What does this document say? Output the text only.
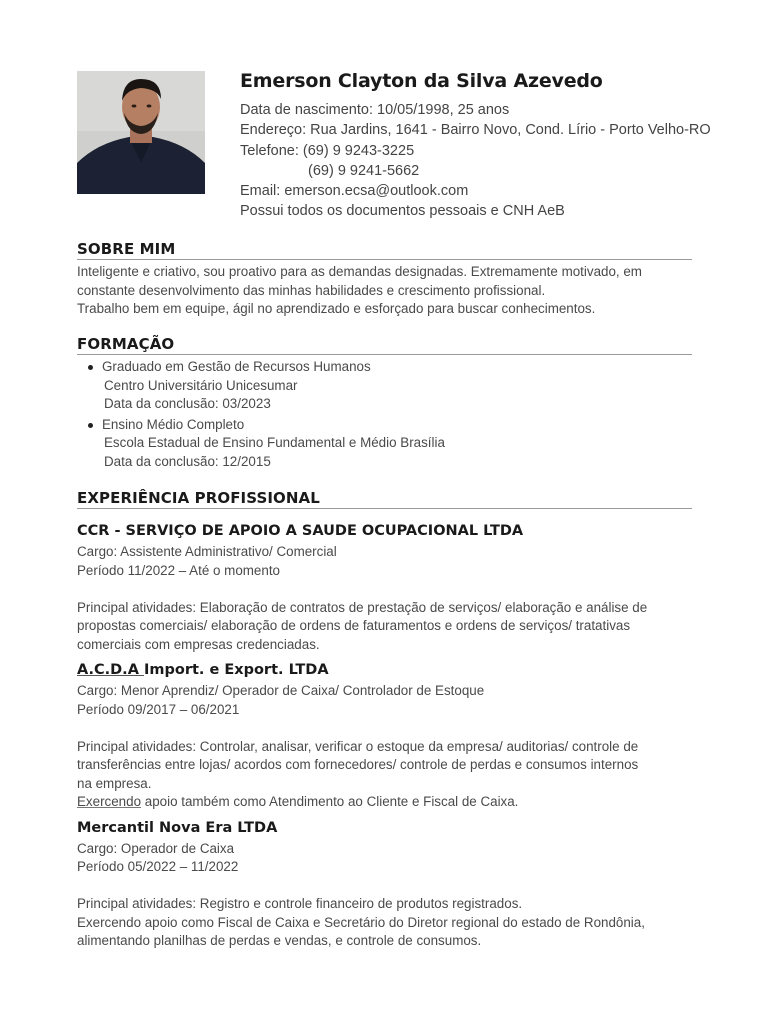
Emerson Clayton da Silva Azevedo
Data de nascimento: 10/05/1998, 25 anos
Endereço: Rua Jardins, 1641 - Bairro Novo, Cond. Lírio - Porto Velho-RO
Telefone: (69) 9 9243-3225
(69) 9 9241-5662
Email: emerson.ecsa@outlook.com
Possui todos os documentos pessoais e CNH AeB
SOBRE MIM
Inteligente e criativo, sou proativo para as demandas designadas. Extremamente motivado, em
constante desenvolvimento das minhas habilidades e crescimento profissional.
Trabalho bem em equipe, ágil no aprendizado e esforçado para buscar conhecimentos.
FORMAÇÃO
Graduado em Gestão de Recursos Humanos
Centro Universitário Unicesumar
Data da conclusão: 03/2023
Ensino Médio Completo
Escola Estadual de Ensino Fundamental e Médio Brasília
Data da conclusão: 12/2015
EXPERIÊNCIA PROFISSIONAL
CCR - SERVIÇO DE APOIO A SAUDE OCUPACIONAL LTDA
Cargo: Assistente Administrativo/ Comercial
Período 11/2022 – Até o momento
Principal atividades: Elaboração de contratos de prestação de serviços/ elaboração e análise de
propostas comerciais/ elaboração de ordens de faturamentos e ordens de serviços/ tratativas
comerciais com empresas credenciadas.
A.C.D.A Import. e Export. LTDA
Cargo: Menor Aprendiz/ Operador de Caixa/ Controlador de Estoque
Período 09/2017 – 06/2021
Principal atividades: Controlar, analisar, verificar o estoque da empresa/ auditorias/ controle de
transferências entre lojas/ acordos com fornecedores/ controle de perdas e consumos internos
na empresa.
Exercendo apoio também como Atendimento ao Cliente e Fiscal de Caixa.
Mercantil Nova Era LTDA
Cargo: Operador de Caixa
Período 05/2022 – 11/2022
Principal atividades: Registro e controle financeiro de produtos registrados.
Exercendo apoio como Fiscal de Caixa e Secretário do Diretor regional do estado de Rondônia,
alimentando planilhas de perdas e vendas, e controle de consumos.
